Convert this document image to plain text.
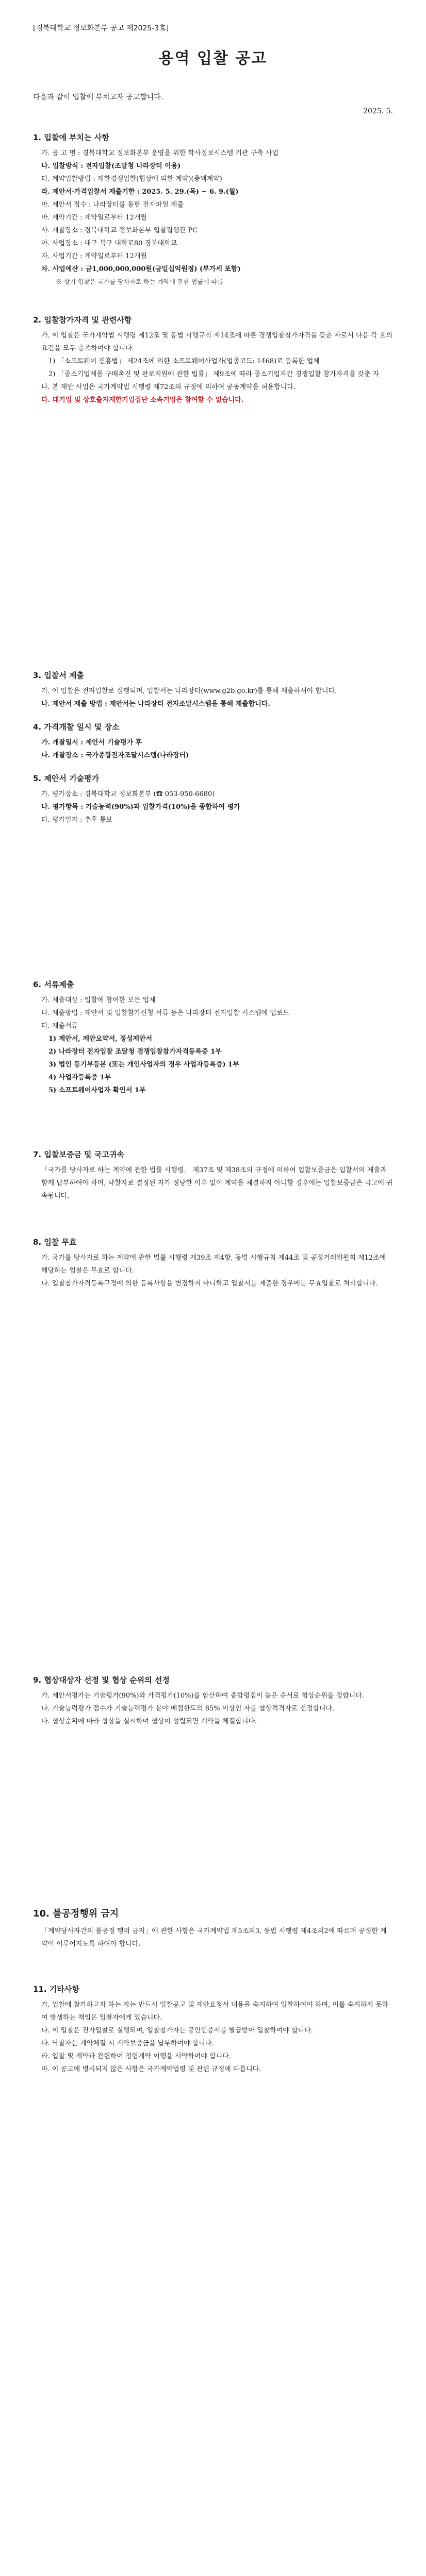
[경북대학교 정보화본부 공고 제2025-3호]
용역 입찰 공고
다음과 같이 입찰에 부치고자 공고합니다.
2025. 5.
1. 입찰에 부치는 사항
가. 공 고 명 : 경북대학교 정보화본부 운영을 위한 학사정보시스템 기관 구축 사업
나. 입찰방식 : 전자입찰(조달청 나라장터 이용)
다. 계약입찰방법 : 제한경쟁입찰(협상에 의한 계약)(총액계약)
라. 제안서·가격입찰서 제출기한 : 2025. 5. 29.(목) ~ 6. 9.(월)
마. 제안서 접수 : 나라장터를 통한 전자파일 제출
바. 계약기간 : 계약일로부터 12개월
사. 개찰장소 : 경북대학교 정보화본부 입찰집행관 PC
아. 사업장소 : 대구 북구 대학로80 경북대학교
자. 사업기간 : 계약일로부터 12개월
차. 사업예산 : 금1,000,000,000원(금일십억원정) (부가세 포함)
※ 상기 입찰은 국가를 당사자로 하는 계약에 관한 법률에 따름
2. 입찰참가자격 및 관련사항
가. 이 입찰은 국가계약법 시행령 제12조 및 동법 시행규칙 제14조에 따른 경쟁입찰참가자격을 갖춘 자로서 다음 각 호의 요건을 모두 충족하여야 합니다.
1) 「소프트웨어 진흥법」 제24조에 의한 소프트웨어사업자(업종코드: 1468)로 등록한 업체
2) 「중소기업제품 구매촉진 및 판로지원에 관한 법률」 제9조에 따라 중소기업자간 경쟁입찰 참가자격을 갖춘 자
나. 본 제안 사업은 국가계약법 시행령 제72조의 규정에 의하여 공동계약을 허용합니다.
다. 대기업 및 상호출자제한기업집단 소속기업은 참여할 수 없습니다.
3. 입찰서 제출
가. 이 입찰은 전자입찰로 실행되며, 입찰서는 나라장터(www.g2b.go.kr)를 통해 제출하셔야 합니다.
나. 제안서 제출 방법 : 제안서는 나라장터 전자조달시스템을 통해 제출합니다.
4. 가격개찰 일시 및 장소
가. 개찰일시 : 제안서 기술평가 후
나. 개찰장소 : 국가종합전자조달시스템(나라장터)
5. 제안서 기술평가
가. 평가장소 : 경북대학교 정보화본부 (☎ 053-950-6680)
나. 평가항목 : 기술능력(90%)과 입찰가격(10%)을 종합하여 평가
다. 평가일자 : 추후 통보
6. 서류제출
가. 제출대상 : 입찰에 참여한 모든 업체
나. 제출방법 : 제안서 및 입찰참가신청 서류 등은 나라장터 전자입찰 시스템에 업로드
다. 제출서류
1) 제안서, 제안요약서, 정성제안서
2) 나라장터 전자입찰 조달청 경쟁입찰참가자격등록증 1부
3) 법인 등기부등본 (또는 개인사업자의 경우 사업자등록증) 1부
4) 사업자등록증 1부
5) 소프트웨어사업자 확인서 1부
7. 입찰보증금 및 국고귀속
「국가를 당사자로 하는 계약에 관한 법률 시행령」 제37조 및 제38조의 규정에 의하여 입찰보증금은 입찰서의 제출과 함께 납부하여야 하며, 낙찰자로 결정된 자가 정당한 이유 없이 계약을 체결하지 아니할 경우에는 입찰보증금은 국고에 귀속됩니다.
8. 입찰 무효
가. 국가를 당사자로 하는 계약에 관한 법률 시행령 제39조 제4항, 동법 시행규칙 제44조 및 공정거래위원회 제12조에 해당하는 입찰은 무효로 합니다.
나. 입찰참가자격등록규정에 의한 등록사항을 변경하지 아니하고 입찰서를 제출한 경우에는 무효입찰로 처리합니다.
9. 협상대상자 선정 및 협상 순위의 선정
가. 제안서평가는 기술평가(90%)와 가격평가(10%)를 합산하여 종합평점이 높은 순서로 협상순위를 정합니다.
나. 기술능력평가 점수가 기술능력평가 분야 배점한도의 85% 이상인 자를 협상적격자로 선정합니다.
다. 협상순위에 따라 협상을 실시하며 협상이 성립되면 계약을 체결합니다.
10. 불공정행위 금지
「계약당사자간의 불공정 행위 금지」에 관한 사항은 국가계약법 제5조의3, 동법 시행령 제4조의2에 따르며 공정한 계약이 이루어지도록 하여야 합니다.
11. 기타사항
가. 입찰에 참가하고자 하는 자는 반드시 입찰공고 및 제안요청서 내용을 숙지하여 입찰하여야 하며, 이를 숙지하지 못하여 발생하는 책임은 입찰자에게 있습니다.
나. 이 입찰은 전자입찰로 실행되며, 입찰참가자는 공인인증서를 발급받아 입찰하여야 합니다.
다. 낙찰자는 계약체결 시 계약보증금을 납부하여야 합니다.
라. 입찰 및 계약과 관련하여 청렴계약 이행을 서약하여야 합니다.
마. 이 공고에 명시되지 않은 사항은 국가계약법령 및 관련 규정에 따릅니다.
